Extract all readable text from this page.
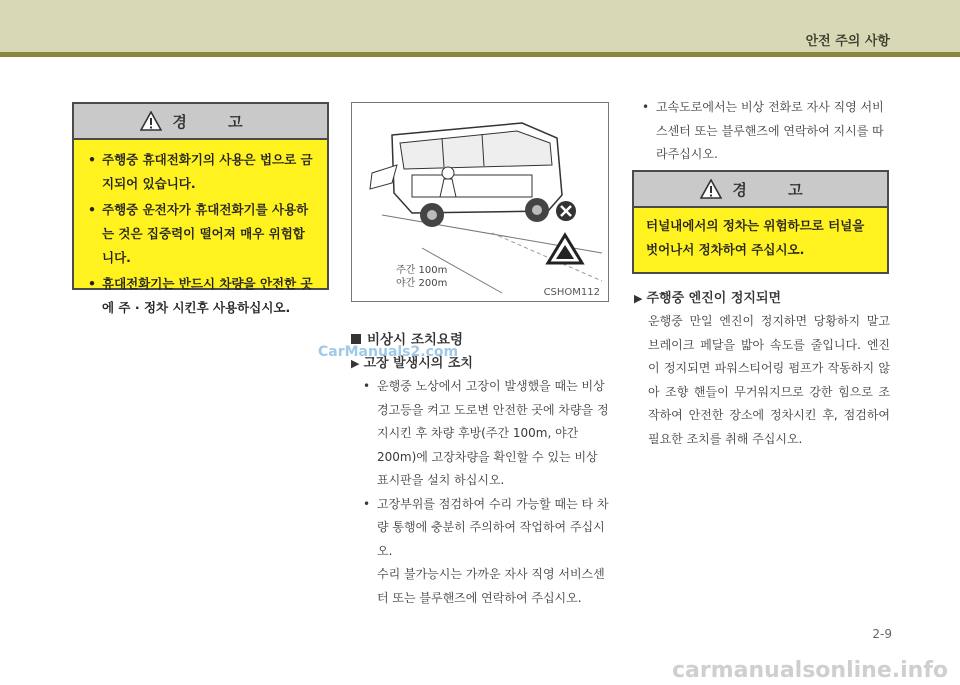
안전 주의 사항
경 고
• 주행중 휴대전화기의 사용은 법으로 금지되어 있습니다.
• 주행중 운전자가 휴대전화기를 사용하는 것은 집중력이 떨어져 매우 위험합니다.
• 휴대전화기는 반드시 차량을 안전한 곳에 주 · 정차 시킨후 사용하십시오.
주간 100m
야간 200m
CSHOM112
비상시 조치요령
▶ 고장 발생시의 조치
CarManuals2.com
• 운행중 노상에서 고장이 발생했을 때는 비상경고등을 켜고 도로변 안전한 곳에 차량을 정지시킨 후 차량 후방(주간 100m, 야간 200m)에 고장차량을 확인할 수 있는 비상표시판을 설치 하십시오.
• 고장부위를 점검하여 수리 가능할 때는 타 차량 통행에 충분히 주의하여 작업하여 주십시오.
수리 불가능시는 가까운 자사 직영 서비스센터 또는 블루핸즈에 연락하여 주십시오.
• 고속도로에서는 비상 전화로 자사 직영 서비스센터 또는 블루핸즈에 연락하여 지시를 따라주십시오.
경 고
터널내에서의 정차는 위험하므로 터널을 벗어나서 정차하여 주십시오.
▶ 주행중 엔진이 정지되면
운행중 만일 엔진이 정지하면 당황하지 말고 브레이크 페달을 밟아 속도를 줄입니다. 엔진이 정지되면 파워스티어링 펌프가 작동하지 않아 조향 핸들이 무거워지므로 강한 힘으로 조작하여 안전한 장소에 정차시킨 후, 점검하여 필요한 조치를 취해 주십시오.
2-9
carmanualsonline.info
